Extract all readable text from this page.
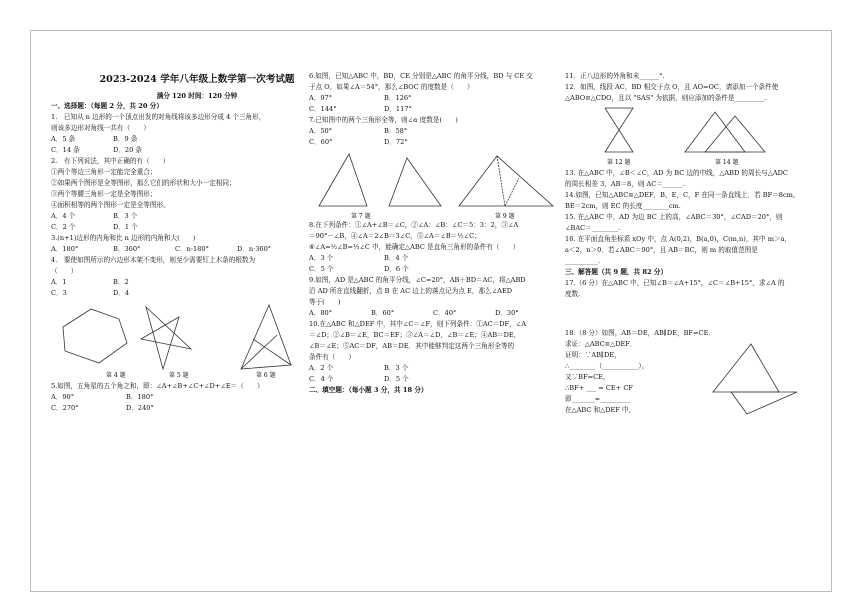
2023-2024 学年八年级上数学第一次考试题
满分 120 时间：120 分钟

一、选择题：（每题 2 分，共 20 分）

1.　已知从 n 边形的一个顶点出发的对角线将该多边形分成 4 个三角形，

则该多边形对角线一共有（　　）

A．5 条	B．9 条
C．14 条	D．20 条

2.　有下列说法，其中正确的有（　　）

①两个等边三角形一定能完全重合；

②如果两个图形是全等图形，那么它们的形状和大小一定相同；

③两个等腰三角形一定是全等图形；

④面积相等的两个图形一定是全等图形。

A．4 个	B．3 个
C．2 个	D．1 个

3.(n+1)边形的内角和比 n 边形的内角和大(　　)

A．180°	B．360°	C．n·180°	D．n·360°

4.　要使如图所示的六边形木架不变形，则至少需要钉上木条的根数为

（　　）

A．1	B．2
C．3	D．4
第 4 题	第 5 题	第 6 题

5.如图，五角星的五个角之和，即：∠A+∠B+∠C+∠D+∠E＝（　　）

A．90°	B．180°
C．270°	D．240°

6.如图，已知△ABC 中，BD，CE 分别是△ABC 的角平分线，BD 与 CE 交

于点 O，如果∠A＝54°，那么∠BOC 的度数是（　　）

A．97°	B．126°
C．144°	D．117°

7.已知图中的两个三角形全等，则∠α 度数是(　　)

A．50°	B．58°
C．60°	D．72°
第 7 题	第 9 题

8.在下列条件：①∠A+∠B＝∠C，②∠A：∠B：∠C＝5：3：2，③∠A

＝90°－∠B，④∠A＝2∠B＝3∠C，⑤∠A＝∠B＝½∠C；

⑥∠A=½∠B=⅓∠C 中，能确定△ABC 是直角三角形的条件有（　　）

A．3 个	B．4 个
C．5 个	D．6 个

9.如图，AD 是△ABC 的角平分线，∠C=20°，AB＋BD＝AC，将△ABD

沿 AD 所在直线翻折，点 B 在 AC 边上的落点记为点 E，那么∠AED

等于(　　)

A．80°	B．60°	C．40°	D．30°

10.在△ABC 和△DEF 中，其中∠C＝∠F，则下列条件：①AC＝DF，∠A

＝∠D；②∠B＝∠E，BC＝EF；③∠A＝∠D，∠B＝∠E；④AB＝DE，

∠B＝∠E；⑤AC＝DF，AB＝DE．其中能够判定这两个三角形全等的

条件有（　　）

A．2 个	B．3 个
C．4 个	D．5 个

二、填空题：（每小题 3 分，共 18 分）

11．正八边形的外角和未______°.

12．如图，线段 AC，BD 相交于点 O，且 AO=OC，请添加一个条件使

△ABO≌△CDO，且以 "SAS" 为依据，则应添加的条件是_________.

第 12 题	第 14 题

13. 在△ABC 中，∠B＜∠C，AD 为 BC 边的中线，△ABD 的周长与△ADC

的周长相差 3，AB＝8，则 AC＝______.

14.如图，已知△ABC≌△DEF，B，E，C，F 在同一条直线上．若 BF＝8cm，

BE＝2cm，则 EC 的长度________cm.

15. 在△ABC 中，AD 为边 BC 上的高，∠ABC＝30°，∠CAD＝20°，则

∠BAC＝________.

16. 在平面直角坐标系 xOy 中，点 A(0,2)，B(a,0)，C(m,n)，其中 m＞a，

a＜2，n＞0．若∠ABC＝90°，且 AB＝BC，则 m 的取值范围是

__________.

三、解答题（共 9 题，共 82 分）

17.（6 分）在△ABC 中，已知∠B＝∠A+15°，∠C＝∠B+15°，求∠A 的

度数.

18.（8 分）如图，AB＝DE，AB∥DE，BF=CE．

求证：△ABC≌△DEF．

证明：∵AB∥DE，

∴________（___________），

又∵BF=CE，

∴BF+ ___ = CE+ CF

即_______=_________

在△ABC 和△DEF 中，
